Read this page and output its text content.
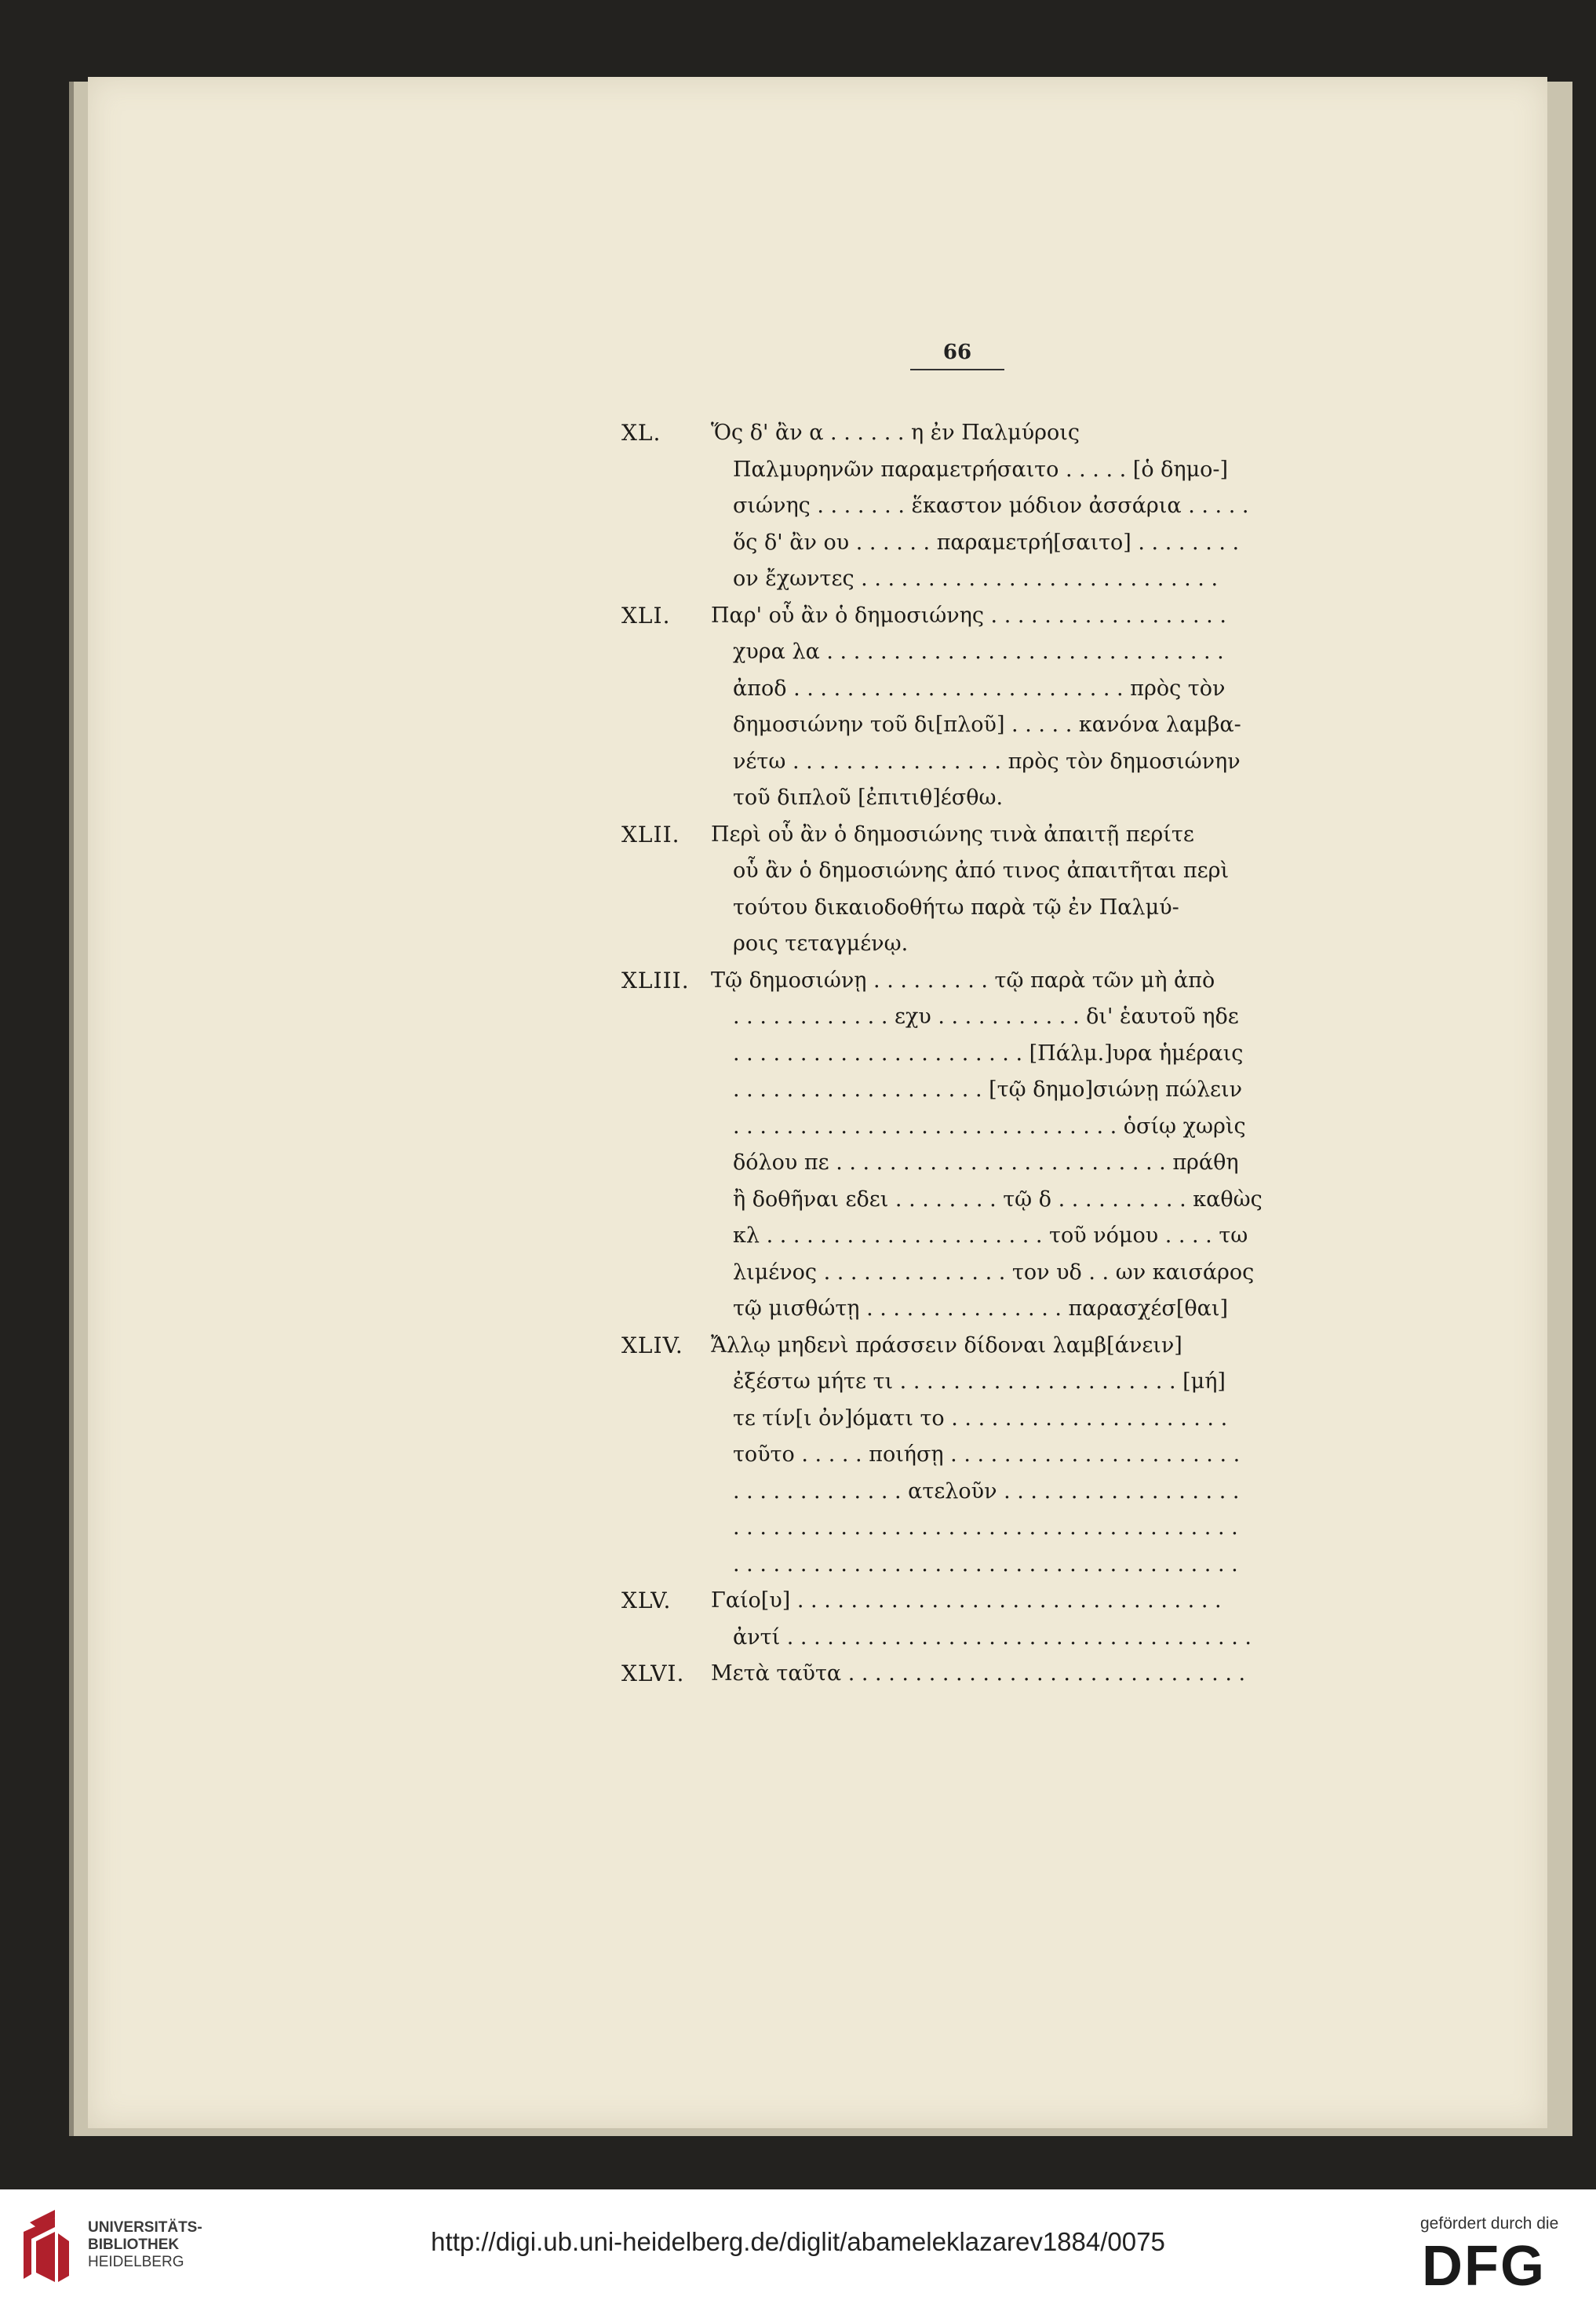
66
XL.	Ὅς δ' ἂν α . . . . . . η ἐν Παλμύροις
Παλμυρηνῶν παραμετρήσαιτο . . . . . [ὁ δημο-]
σιώνης . . . . . . . ἕκαστον μόδιον ἀσσάρια . . . . .
ὅς δ' ἂν ου . . . . . . παραμετρή[σαιτο] . . . . . . . .
ον ἔχωντες . . . . . . . . . . . . . . . . . . . . . . . . . . .
XLI.	Παρ' οὗ ἂν ὁ δημοσιώνης . . . . . . . . . . . . . . . . . .
χυρα λα . . . . . . . . . . . . . . . . . . . . . . . . . . . . . .
ἀποδ . . . . . . . . . . . . . . . . . . . . . . . . . πρὸς τὸν
δημοσιώνην τοῦ δι[πλοῦ] . . . . . κανόνα λαμβα-
νέτω . . . . . . . . . . . . . . . . πρὸς τὸν δημοσιώνην
τοῦ διπλοῦ [ἐπιτιθ]έσθω.
XLII.	Περὶ οὗ ἂν ὁ δημοσιώνης τινὰ ἀπαιτῇ περίτε
οὗ ἂν ὁ δημοσιώνης ἀπό τινος ἀπαιτῆται περὶ
τούτου δικαιοδοθήτω παρὰ τῷ ἐν Παλμύ-
ροις τεταγμένῳ.
XLIII.	Τῷ δημοσιώνῃ . . . . . . . . . τῷ παρὰ τῶν μὴ ἀπὸ
. . . . . . . . . . . . εχυ . . . . . . . . . . . δι' ἑαυτοῦ ηδε
. . . . . . . . . . . . . . . . . . . . . . [Πάλμ.]υρα ἡμέραις
. . . . . . . . . . . . . . . . . . . [τῷ δημο]σιώνῃ πώλειν
. . . . . . . . . . . . . . . . . . . . . . . . . . . . . ὁσίῳ χωρὶς
δόλου πε . . . . . . . . . . . . . . . . . . . . . . . . . πράθη
ἢ δοθῆναι εδει . . . . . . . . τῷ δ . . . . . . . . . . καθὼς
κλ . . . . . . . . . . . . . . . . . . . . . τοῦ νόμου . . . . τω
λιμένος . . . . . . . . . . . . . . τον υδ . . ων καισάρος
τῷ μισθώτῃ . . . . . . . . . . . . . . . παρασχέσ[θαι]
XLIV.	Ἄλλῳ μηδενὶ πράσσειν δίδοναι λαμβ[άνειν]
ἐξέστω μήτε τι . . . . . . . . . . . . . . . . . . . . . [μή]
τε τίν[ι ὀν]όματι το . . . . . . . . . . . . . . . . . . . . .
τοῦτο . . . . . ποιήσῃ . . . . . . . . . . . . . . . . . . . . . .
. . . . . . . . . . . . . ατελοῦν . . . . . . . . . . . . . . . . . .
. . . . . . . . . . . . . . . . . . . . . . . . . . . . . . . . . . . . . .
. . . . . . . . . . . . . . . . . . . . . . . . . . . . . . . . . . . . . .
XLV.	Γαίο[υ] . . . . . . . . . . . . . . . . . . . . . . . . . . . . . . . .
ἀντί . . . . . . . . . . . . . . . . . . . . . . . . . . . . . . . . . . .
XLVI.	Μετὰ ταῦτα . . . . . . . . . . . . . . . . . . . . . . . . . . . . . .
UNIVERSITÄTS-
BIBLIOTHEK
HEIDELBERG
http://digi.ub.uni-heidelberg.de/diglit/abameleklazarev1884/0075
gefördert durch die
DFG
